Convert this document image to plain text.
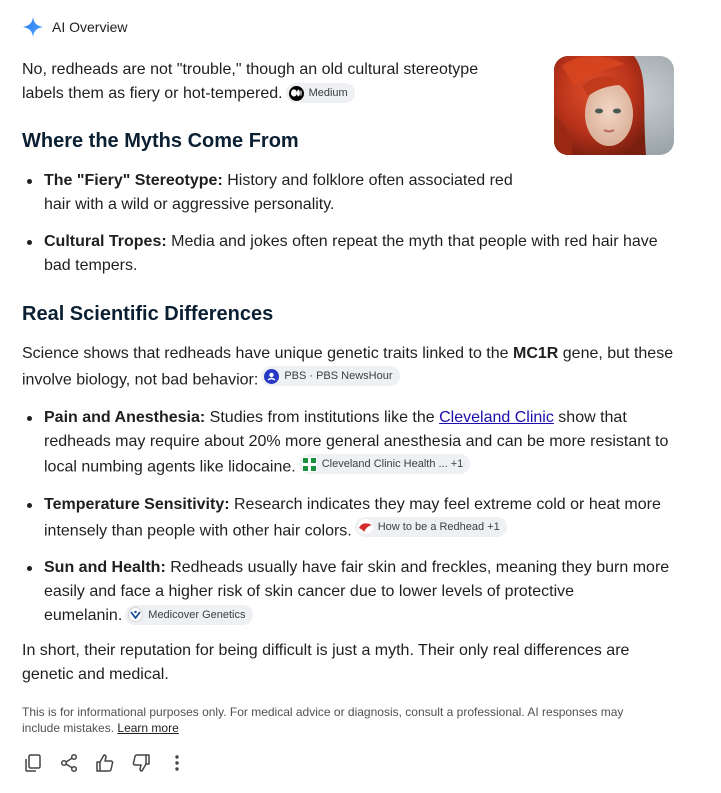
AI Overview
No, redheads are not "trouble," though an old cultural stereotype
labels them as fiery or hot-tempered. Medium
Where the Myths Come From
The "Fiery" Stereotype: History and folklore often associated red
hair with a wild or aggressive personality.
Cultural Tropes: Media and jokes often repeat the myth that people with red hair have
bad tempers.
Real Scientific Differences
Science shows that redheads have unique genetic traits linked to the MC1R gene, but these
involve biology, not bad behavior: PBS · PBS NewsHour
Pain and Anesthesia: Studies from institutions like the Cleveland Clinic show that
redheads may require about 20% more general anesthesia and can be more resistant to
local numbing agents like lidocaine. Cleveland Clinic Health ... +1
Temperature Sensitivity: Research indicates they may feel extreme cold or heat more
intensely than people with other hair colors. How to be a Redhead +1
Sun and Health: Redheads usually have fair skin and freckles, meaning they burn more
easily and face a higher risk of skin cancer due to lower levels of protective
eumelanin. Medicover Genetics
In short, their reputation for being difficult is just a myth. Their only real differences are
genetic and medical.
This is for informational purposes only. For medical advice or diagnosis, consult a professional. AI responses may include mistakes. Learn more
